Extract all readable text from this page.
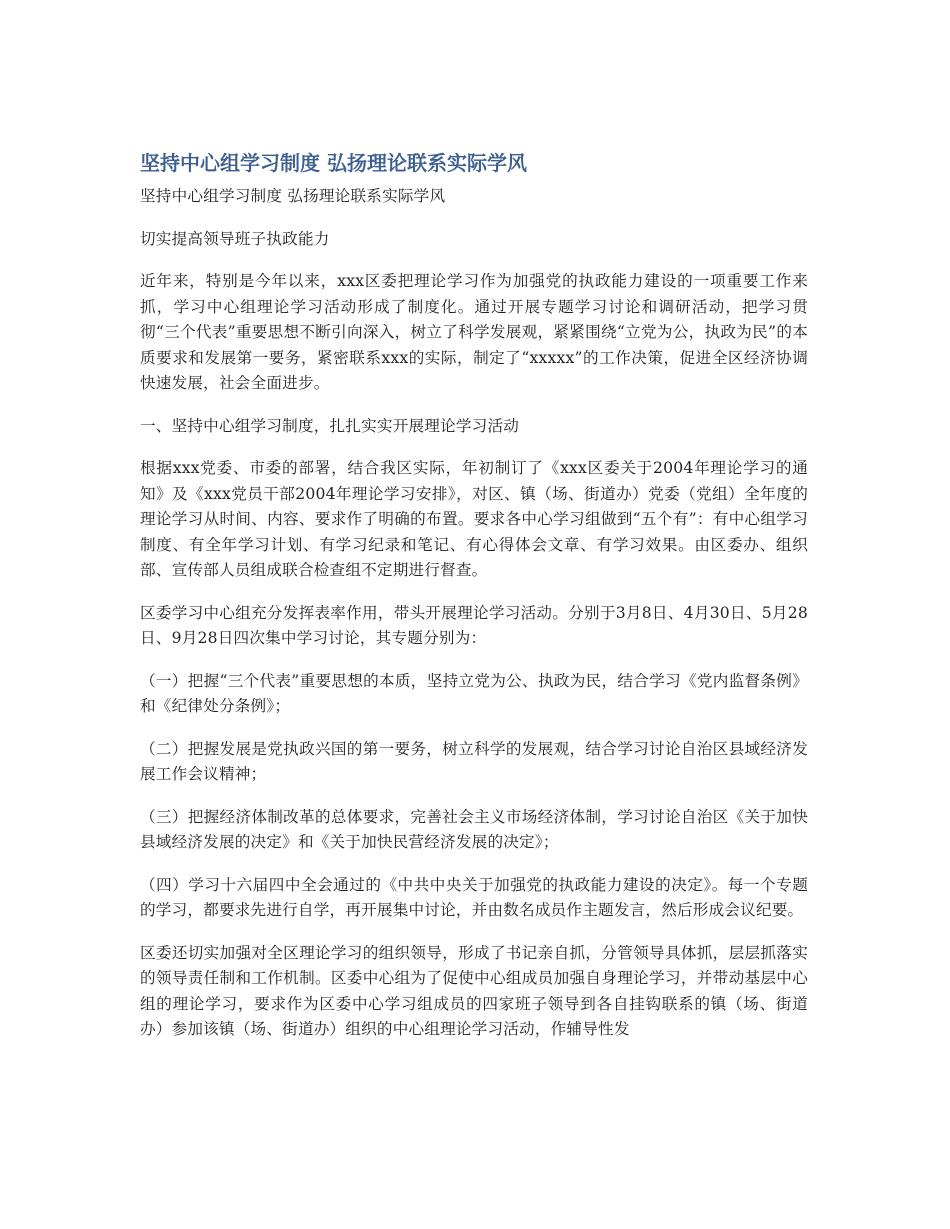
坚持中心组学习制度 弘扬理论联系实际学风

坚持中心组学习制度 弘扬理论联系实际学风

切实提高领导班子执政能力

近年来，特别是今年以来，xxx区委把理论学习作为加强党的执政能力建设的一项重要工作来抓，学习中心组理论学习活动形成了制度化。通过开展专题学习讨论和调研活动，把学习贯彻“三个代表”重要思想不断引向深入，树立了科学发展观，紧紧围绕“立党为公，执政为民”的本质要求和发展第一要务，紧密联系xxx的实际，制定了“xxxxx”的工作决策，促进全区经济协调快速发展，社会全面进步。

一、坚持中心组学习制度，扎扎实实开展理论学习活动

根据xxx党委、市委的部署，结合我区实际，年初制订了《xxx区委关于2004年理论学习的通知》及《xxx党员干部2004年理论学习安排》，对区、镇（场、街道办）党委（党组）全年度的理论学习从时间、内容、要求作了明确的布置。要求各中心学习组做到“五个有”：有中心组学习制度、有全年学习计划、有学习纪录和笔记、有心得体会文章、有学习效果。由区委办、组织部、宣传部人员组成联合检查组不定期进行督查。

区委学习中心组充分发挥表率作用，带头开展理论学习活动。分别于3月8日、4月30日、5月28日、9月28日四次集中学习讨论，其专题分别为：

（一）把握“三个代表”重要思想的本质，坚持立党为公、执政为民，结合学习《党内监督条例》和《纪律处分条例》；

（二）把握发展是党执政兴国的第一要务，树立科学的发展观，结合学习讨论自治区县域经济发展工作会议精神；

（三）把握经济体制改革的总体要求，完善社会主义市场经济体制，学习讨论自治区《关于加快县域经济发展的决定》和《关于加快民营经济发展的决定》；

（四）学习十六届四中全会通过的《中共中央关于加强党的执政能力建设的决定》。每一个专题的学习，都要求先进行自学，再开展集中讨论，并由数名成员作主题发言，然后形成会议纪要。

区委还切实加强对全区理论学习的组织领导，形成了书记亲自抓，分管领导具体抓，层层抓落实的领导责任制和工作机制。区委中心组为了促使中心组成员加强自身理论学习，并带动基层中心组的理论学习，要求作为区委中心学习组成员的四家班子领导到各自挂钩联系的镇（场、街道办）参加该镇（场、街道办）组织的中心组理论学习活动，作辅导性发
